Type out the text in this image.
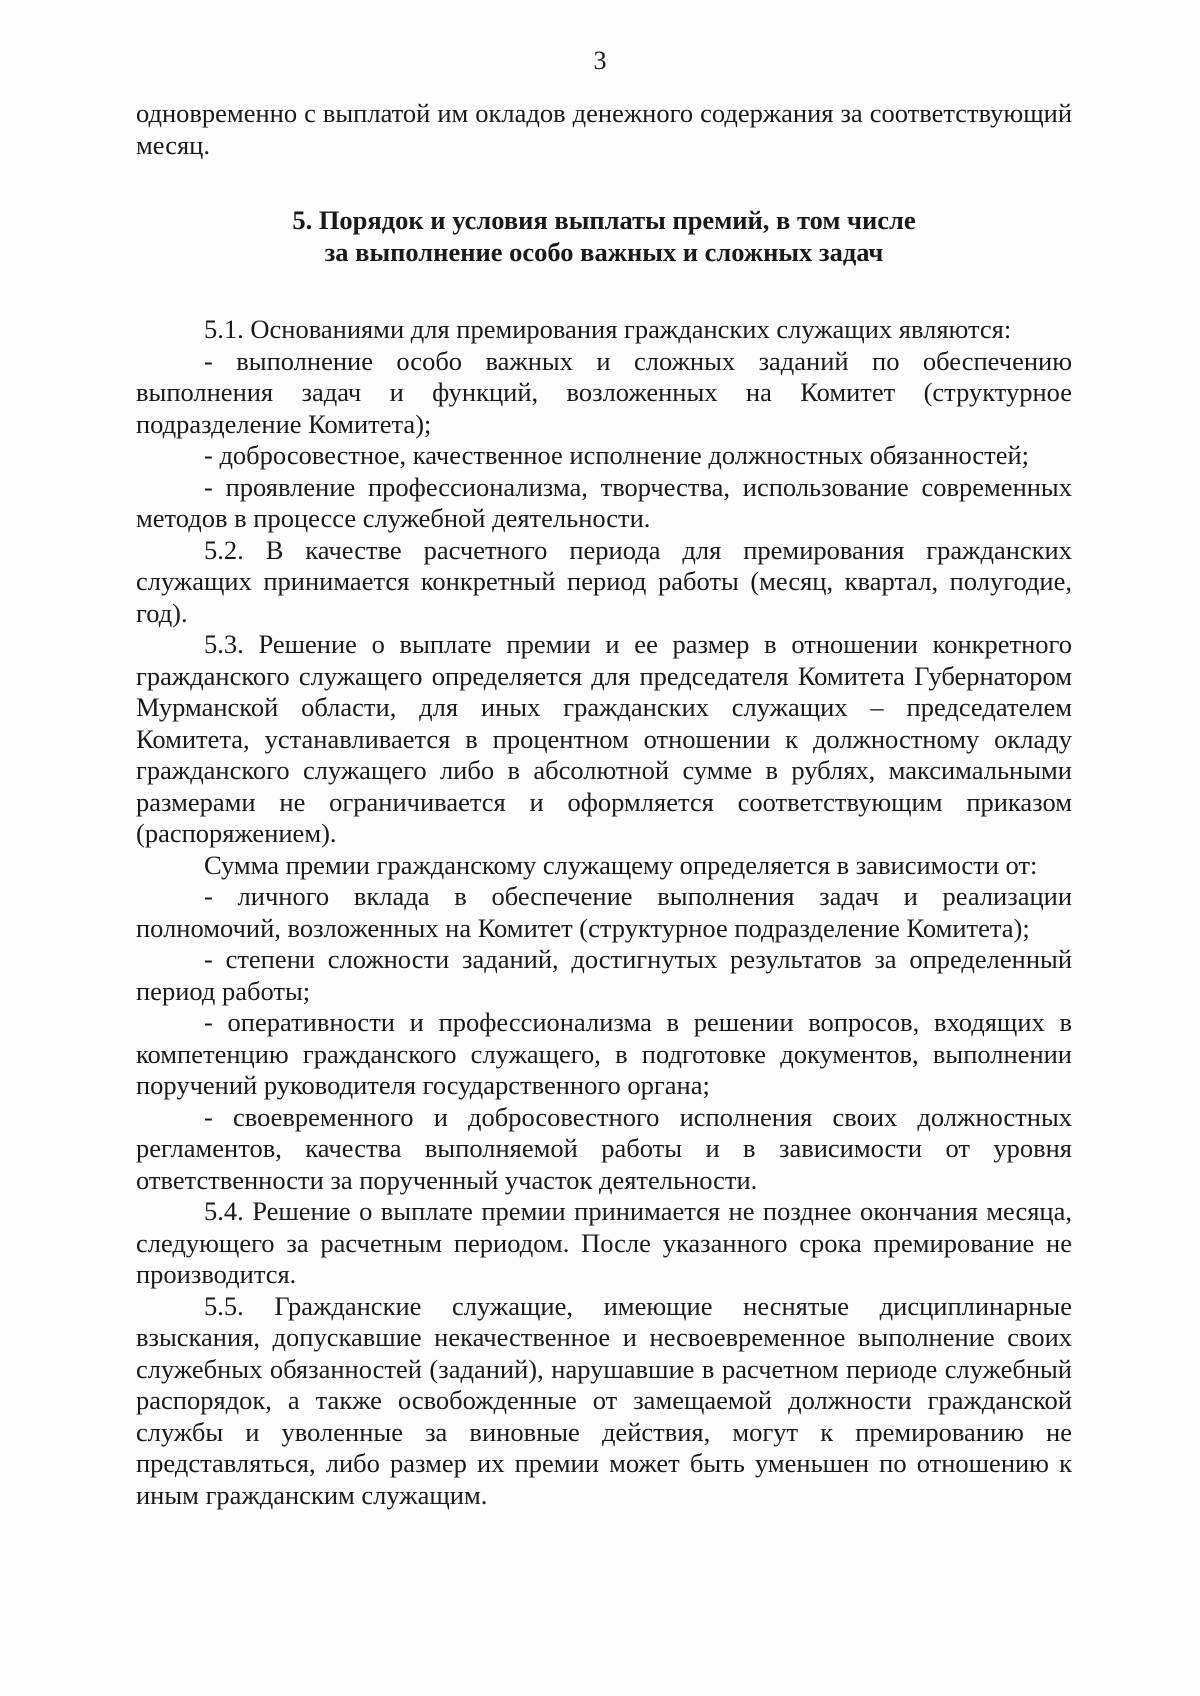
3

одновременно с выплатой им окладов денежного содержания за соответствующий месяц.

5. Порядок и условия выплаты премий, в том числе
за выполнение особо важных и сложных задач

5.1. Основаниями для премирования гражданских служащих являются:

- выполнение особо важных и сложных заданий по обеспечению выполнения задач и функций, возложенных на Комитет (структурное подразделение Комитета);

- добросовестное, качественное исполнение должностных обязанностей;

- проявление профессионализма, творчества, использование современных методов в процессе служебной деятельности.

5.2. В качестве расчетного периода для премирования гражданских служащих принимается конкретный период работы (месяц, квартал, полугодие, год).

5.3. Решение о выплате премии и ее размер в отношении конкретного гражданского служащего определяется для председателя Комитета Губернатором Мурманской области, для иных гражданских служащих – председателем Комитета, устанавливается в процентном отношении к должностному окладу гражданского служащего либо в абсолютной сумме в рублях, максимальными размерами не ограничивается и оформляется соответствующим приказом (распоряжением).

Сумма премии гражданскому служащему определяется в зависимости от:

- личного вклада в обеспечение выполнения задач и реализации полномочий, возложенных на Комитет (структурное подразделение Комитета);

- степени сложности заданий, достигнутых результатов за определенный период работы;

- оперативности и профессионализма в решении вопросов, входящих в компетенцию гражданского служащего, в подготовке документов, выполнении поручений руководителя государственного органа;

- своевременного и добросовестного исполнения своих должностных регламентов, качества выполняемой работы и в зависимости от уровня ответственности за порученный участок деятельности.

5.4. Решение о выплате премии принимается не позднее окончания месяца, следующего за расчетным периодом. После указанного срока премирование не производится.

5.5. Гражданские служащие, имеющие неснятые дисциплинарные взыскания, допускавшие некачественное и несвоевременное выполнение своих служебных обязанностей (заданий), нарушавшие в расчетном периоде служебный распорядок, а также освобожденные от замещаемой должности гражданской службы и уволенные за виновные действия, могут к премированию не представляться, либо размер их премии может быть уменьшен по отношению к иным гражданским служащим.
